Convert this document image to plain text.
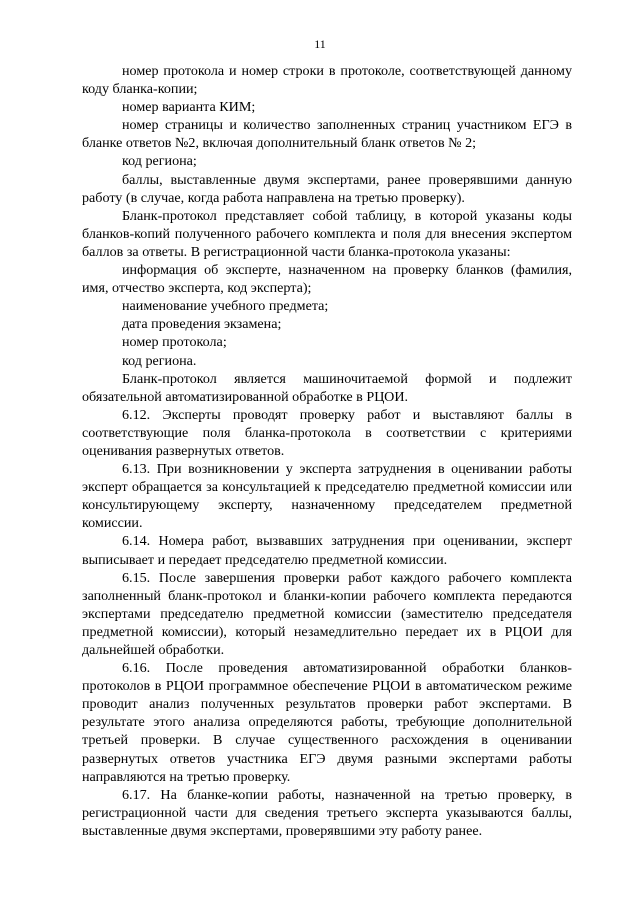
11

номер протокола и номер строки в протоколе, соответствующей данному коду бланка-копии;

номер варианта КИМ;

номер страницы и количество заполненных страниц участником ЕГЭ в бланке ответов №2, включая дополнительный бланк ответов № 2;

код региона;

баллы, выставленные двумя экспертами, ранее проверявшими данную работу (в случае, когда работа направлена на третью проверку).

Бланк-протокол представляет собой таблицу, в которой указаны коды бланков-копий полученного рабочего комплекта и поля для внесения экспертом баллов за ответы. В регистрационной части бланка-протокола указаны:

информация об эксперте, назначенном на проверку бланков (фамилия, имя, отчество эксперта, код эксперта);

наименование учебного предмета;

дата проведения экзамена;

номер протокола;

код региона.

Бланк-протокол является машиночитаемой формой и подлежит обязательной автоматизированной обработке в РЦОИ.

6.12. Эксперты проводят проверку работ и выставляют баллы в соответствующие поля бланка-протокола в соответствии с критериями оценивания развернутых ответов.

6.13. При возникновении у эксперта затруднения в оценивании работы эксперт обращается за консультацией к председателю предметной комиссии или консультирующему эксперту, назначенному председателем предметной комиссии.

6.14. Номера работ, вызвавших затруднения при оценивании, эксперт выписывает и передает председателю предметной комиссии.

6.15. После завершения проверки работ каждого рабочего комплекта заполненный бланк-протокол и бланки-копии рабочего комплекта передаются экспертами председателю предметной комиссии (заместителю председателя предметной комиссии), который незамедлительно передает их в РЦОИ для дальнейшей обработки.

6.16. После проведения автоматизированной обработки бланков-протоколов в РЦОИ программное обеспечение РЦОИ в автоматическом режиме проводит анализ полученных результатов проверки работ экспертами. В результате этого анализа определяются работы, требующие дополнительной третьей проверки. В случае существенного расхождения в оценивании развернутых ответов участника ЕГЭ двумя разными экспертами работы направляются на третью проверку.

6.17. На бланке-копии работы, назначенной на третью проверку, в регистрационной части для сведения третьего эксперта указываются баллы, выставленные двумя экспертами, проверявшими эту работу ранее.
